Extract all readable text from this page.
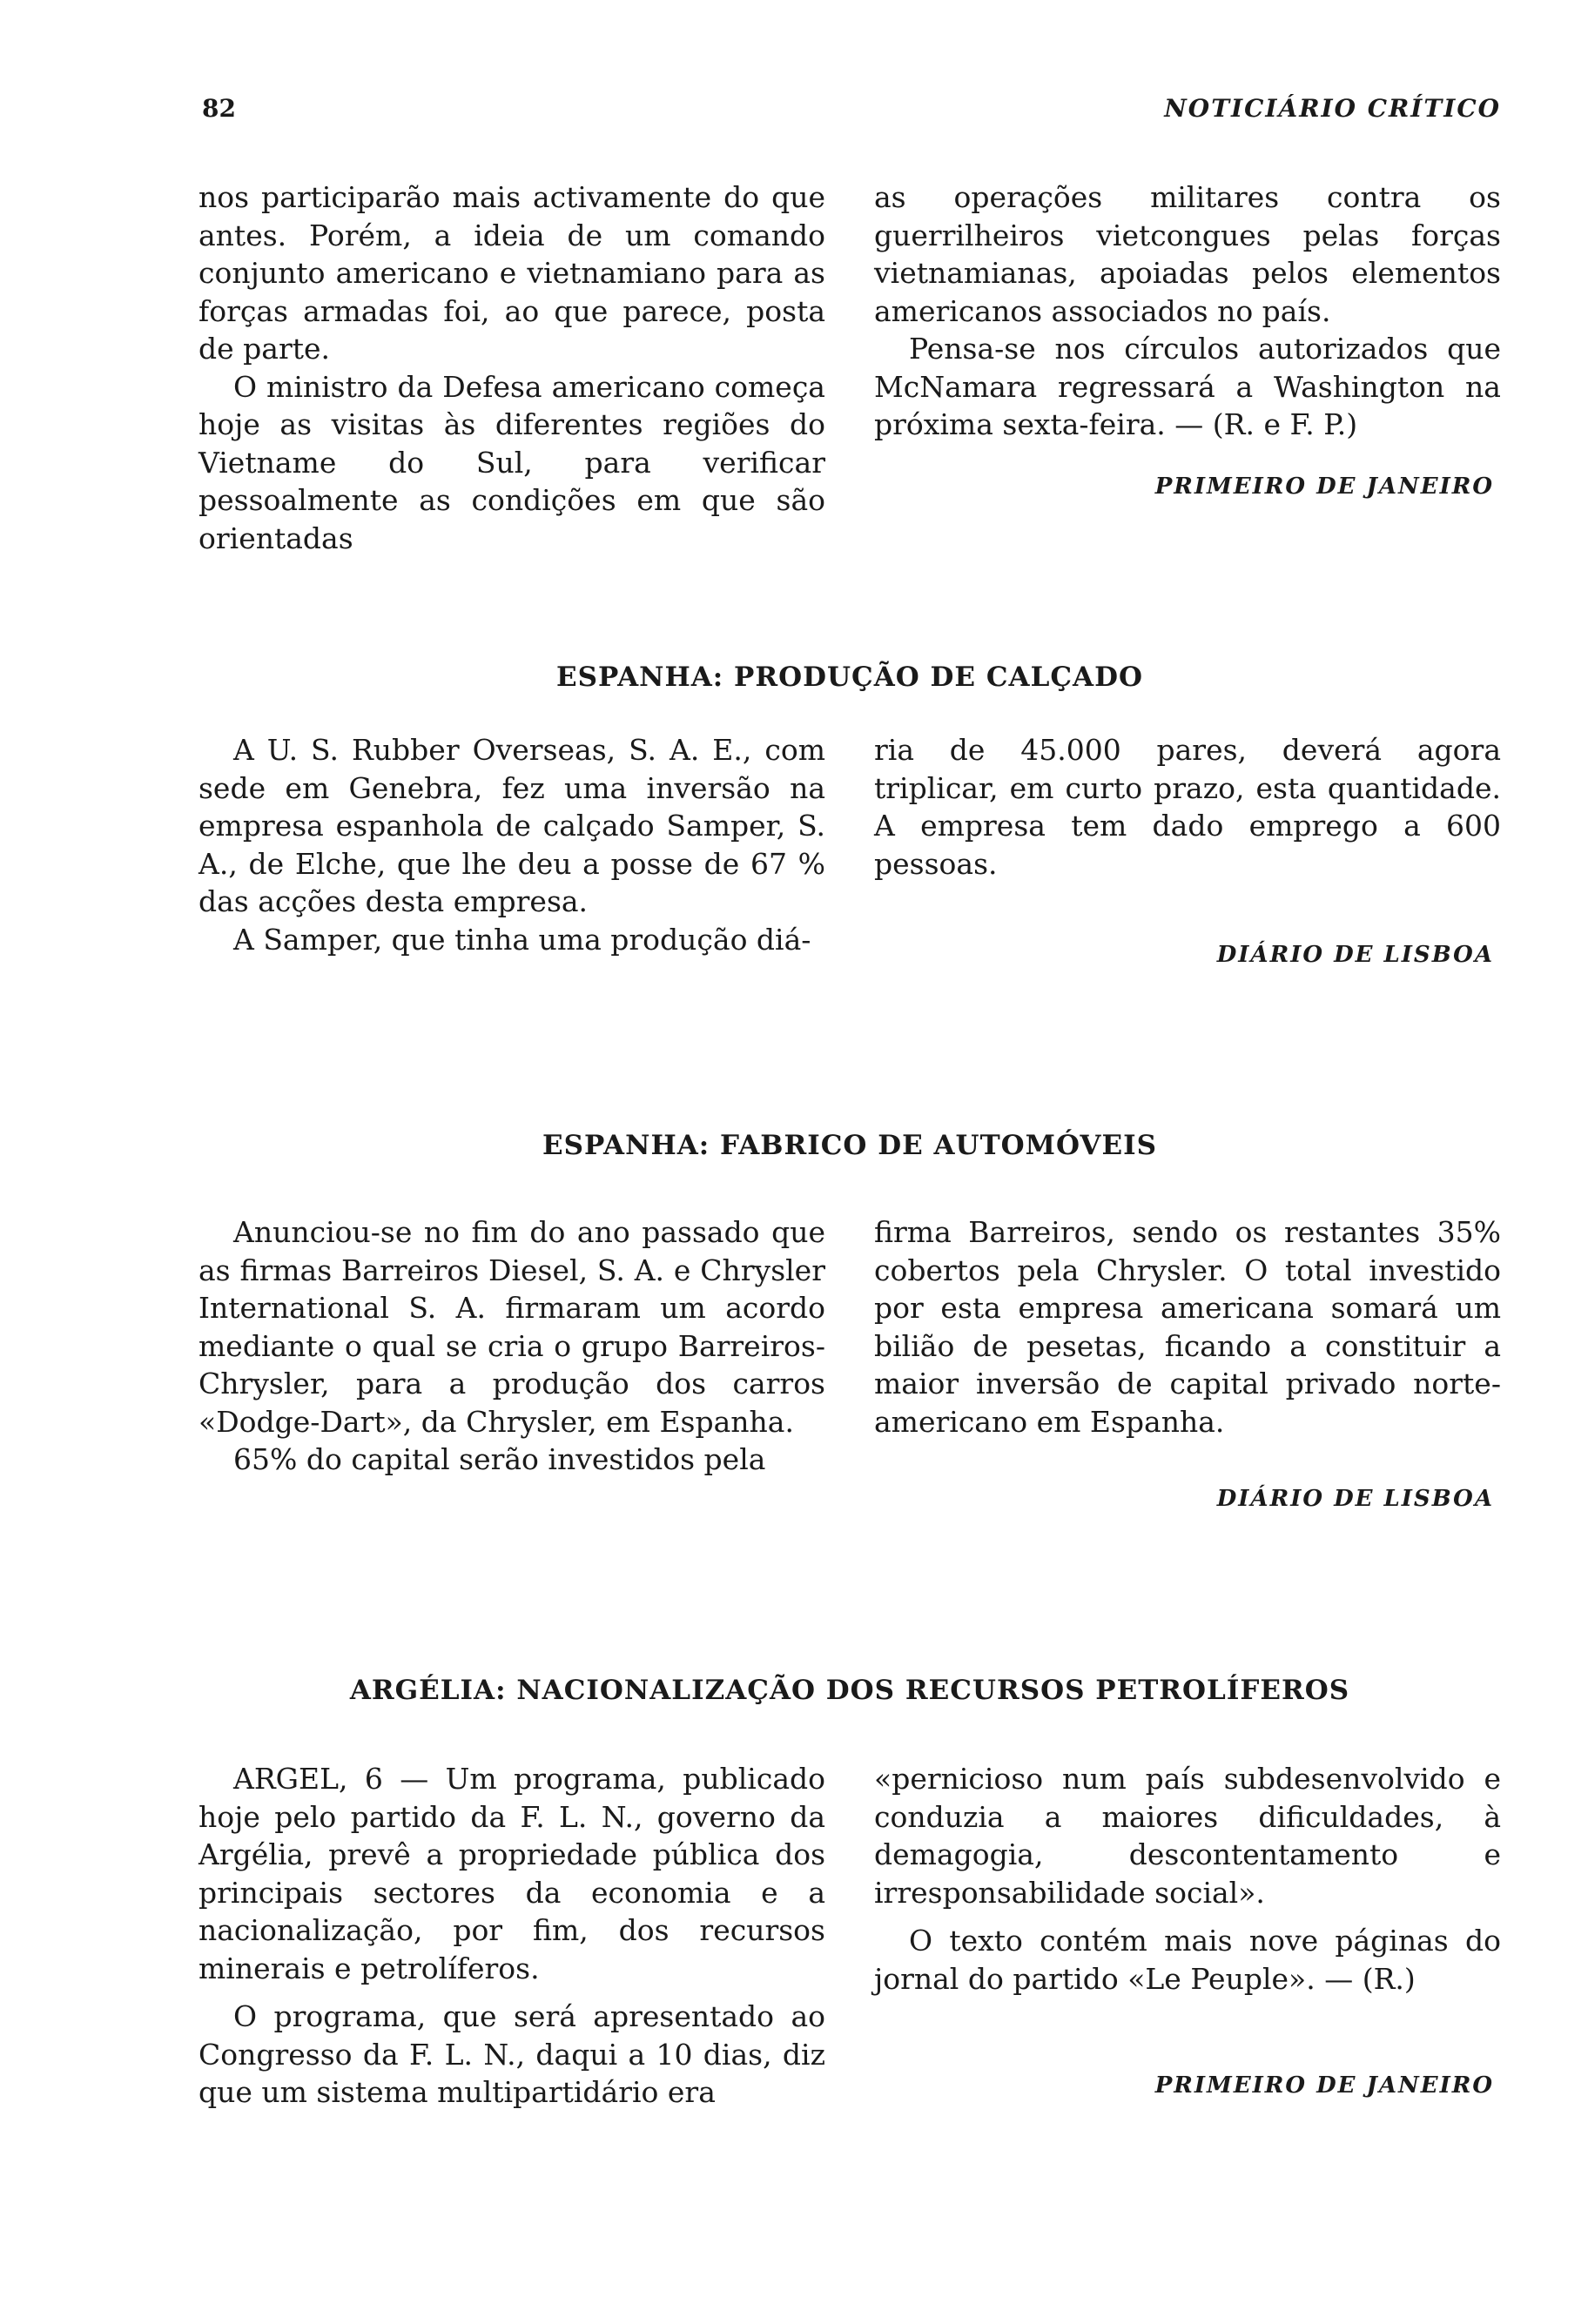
82	NOTICIÁRIO CRÍTICO

nos participarão mais activamente do que antes. Porém, a ideia de um comando conjunto americano e vietnamiano para as forças armadas foi, ao que parece, posta de parte.

O ministro da Defesa americano começa hoje as visitas às diferentes regiões do Vietname do Sul, para verificar pessoalmente as condições em que são orientadas

as operações militares contra os guerrilheiros vietcongues pelas forças vietnamianas, apoiadas pelos elementos americanos associados no país.

Pensa-se nos círculos autorizados que McNamara regressará a Washington na próxima sexta-feira. — (R. e F. P.)

PRIMEIRO DE JANEIRO
ESPANHA: PRODUÇÃO DE CALÇADO

A U. S. Rubber Overseas, S. A. E., com sede em Genebra, fez uma inversão na empresa espanhola de calçado Samper, S. A., de Elche, que lhe deu a posse de 67 % das acções desta empresa.

A Samper, que tinha uma produção diá-

ria de 45.000 pares, deverá agora triplicar, em curto prazo, esta quantidade. A empresa tem dado emprego a 600 pessoas.

DIÁRIO DE LISBOA
ESPANHA: FABRICO DE AUTOMÓVEIS

Anunciou-se no fim do ano passado que as firmas Barreiros Diesel, S. A. e Chrysler International S. A. firmaram um acordo mediante o qual se cria o grupo Barreiros-Chrysler, para a produção dos carros «Dodge-Dart», da Chrysler, em Espanha.

65% do capital serão investidos pela

firma Barreiros, sendo os restantes 35% cobertos pela Chrysler. O total investido por esta empresa americana somará um bilião de pesetas, ficando a constituir a maior inversão de capital privado norte-americano em Espanha.

DIÁRIO DE LISBOA
ARGÉLIA: NACIONALIZAÇÃO DOS RECURSOS PETROLÍFEROS

ARGEL, 6 — Um programa, publicado hoje pelo partido da F. L. N., governo da Argélia, prevê a propriedade pública dos principais sectores da economia e a nacionalização, por fim, dos recursos minerais e petrolíferos.

O programa, que será apresentado ao Congresso da F. L. N., daqui a 10 dias, diz que um sistema multipartidário era

«pernicioso num país subdesenvolvido e conduzia a maiores dificuldades, à demagogia, descontentamento e irresponsabilidade social».

O texto contém mais nove páginas do jornal do partido «Le Peuple». — (R.)

PRIMEIRO DE JANEIRO
